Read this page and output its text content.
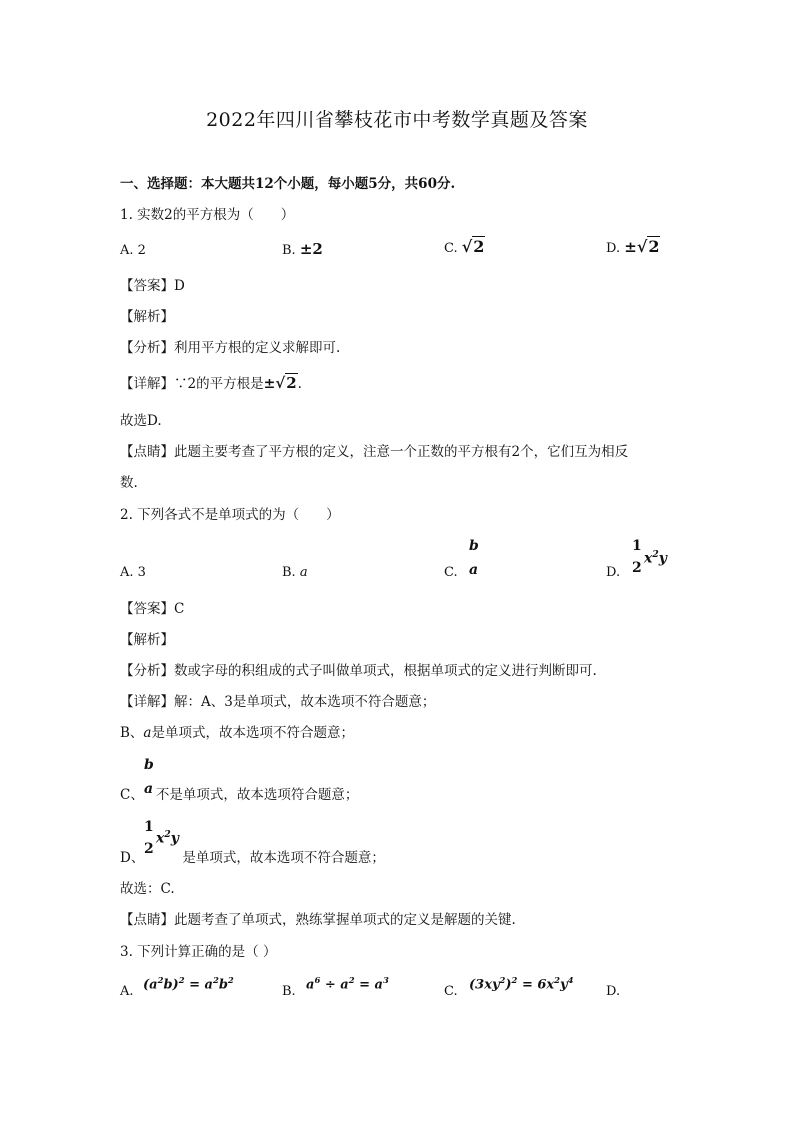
2022年四川省攀枝花市中考数学真题及答案
一、选择题：本大题共12个小题，每小题5分，共60分.
1. 实数2的平方根为（　　）
A. 2	B. ±2	C. √2	D. ±√2
【答案】D
【解析】
【分析】利用平方根的定义求解即可.
【详解】∵2的平方根是±√2.
故选D.
【点睛】此题主要考查了平方根的定义，注意一个正数的平方根有2个，它们互为相反
数.
2. 下列各式不是单项式的为（　　）
A. 3	B. a	C.
b
a	D.
1
2
$x^2y$
【答案】C
【解析】
【分析】数或字母的积组成的式子叫做单项式，根据单项式的定义进行判断即可.
【详解】解：A、3是单项式，故本选项不符合题意；
B、a是单项式，故本选项不符合题意；
b
a
C、 不是单项式，故本选项符合题意；
1
2
$x^2y$
D、	是单项式，故本选项不符合题意；
故选：C.
【点睛】此题考查了单项式，熟练掌握单项式的定义是解题的关键.
3. 下列计算正确的是（ ）
A. $(a^2b)^2 = a^2b^2$
B. $a^6 \div a^2 = a^3$
C. $(3xy^2)^2 = 6x^2y^4$
D.
